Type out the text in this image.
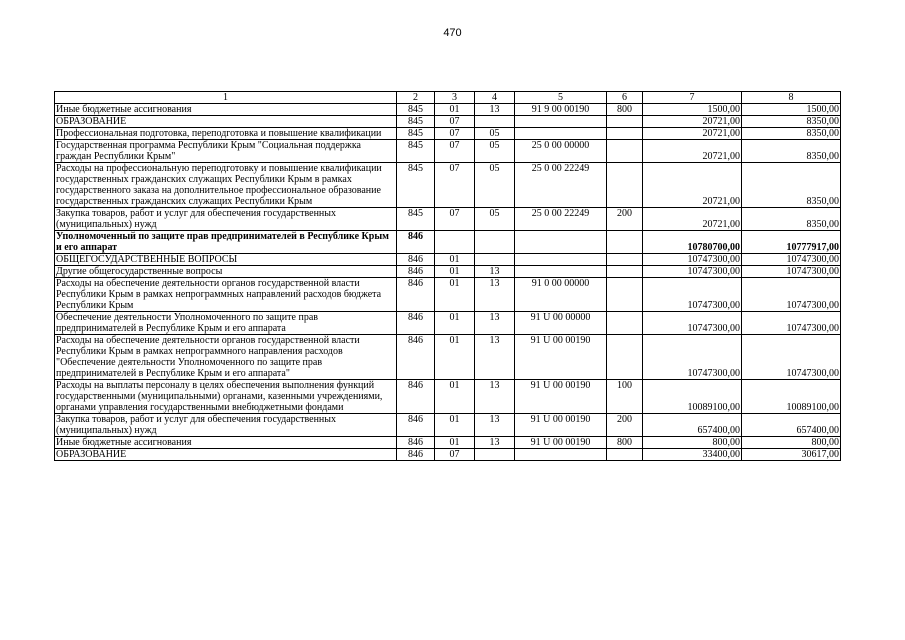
470
1	2	3	4	5	6	7	8
Иные бюджетные ассигнования	845	01	13	91 9 00 00190	800	1500,00	1500,00
ОБРАЗОВАНИЕ	845	07				20721,00	8350,00
Профессиональная подготовка, переподготовка и повышение квалификации	845	07	05			20721,00	8350,00
Государственная программа Республики Крым "Социальная поддержка граждан Республики Крым"	845	07	05	25 0 00 00000		20721,00	8350,00
Расходы на профессиональную переподготовку и повышение квалификации государственных гражданских служащих Республики Крым в рамках государственного заказа на дополнительное профессиональное образование государственных гражданских служащих Республики Крым	845	07	05	25 0 00 22249		20721,00	8350,00
Закупка товаров, работ и услуг для обеспечения государственных (муниципальных) нужд	845	07	05	25 0 00 22249	200	20721,00	8350,00
Уполномоченный по защите прав предпринимателей в Республике Крым и его аппарат	846					10780700,00	10777917,00
ОБЩЕГОСУДАРСТВЕННЫЕ ВОПРОСЫ	846	01				10747300,00	10747300,00
Другие общегосударственные вопросы	846	01	13			10747300,00	10747300,00
Расходы на обеспечение деятельности органов государственной власти Республики Крым в рамках непрограммных направлений расходов бюджета Республики Крым	846	01	13	91 0 00 00000		10747300,00	10747300,00
Обеспечение деятельности Уполномоченного по защите прав предпринимателей в Республике Крым и его аппарата	846	01	13	91 U 00 00000		10747300,00	10747300,00
Расходы на обеспечение деятельности органов государственной власти Республики Крым в рамках непрограммного направления расходов "Обеспечение деятельности Уполномоченного по защите прав предпринимателей в Республике Крым и его аппарата"	846	01	13	91 U 00 00190		10747300,00	10747300,00
Расходы на выплаты персоналу в целях обеспечения выполнения функций государственными (муниципальными) органами, казенными учреждениями, органами управления государственными внебюджетными фондами	846	01	13	91 U 00 00190	100	10089100,00	10089100,00
Закупка товаров, работ и услуг для обеспечения государственных (муниципальных) нужд	846	01	13	91 U 00 00190	200	657400,00	657400,00
Иные бюджетные ассигнования	846	01	13	91 U 00 00190	800	800,00	800,00
ОБРАЗОВАНИЕ	846	07				33400,00	30617,00
